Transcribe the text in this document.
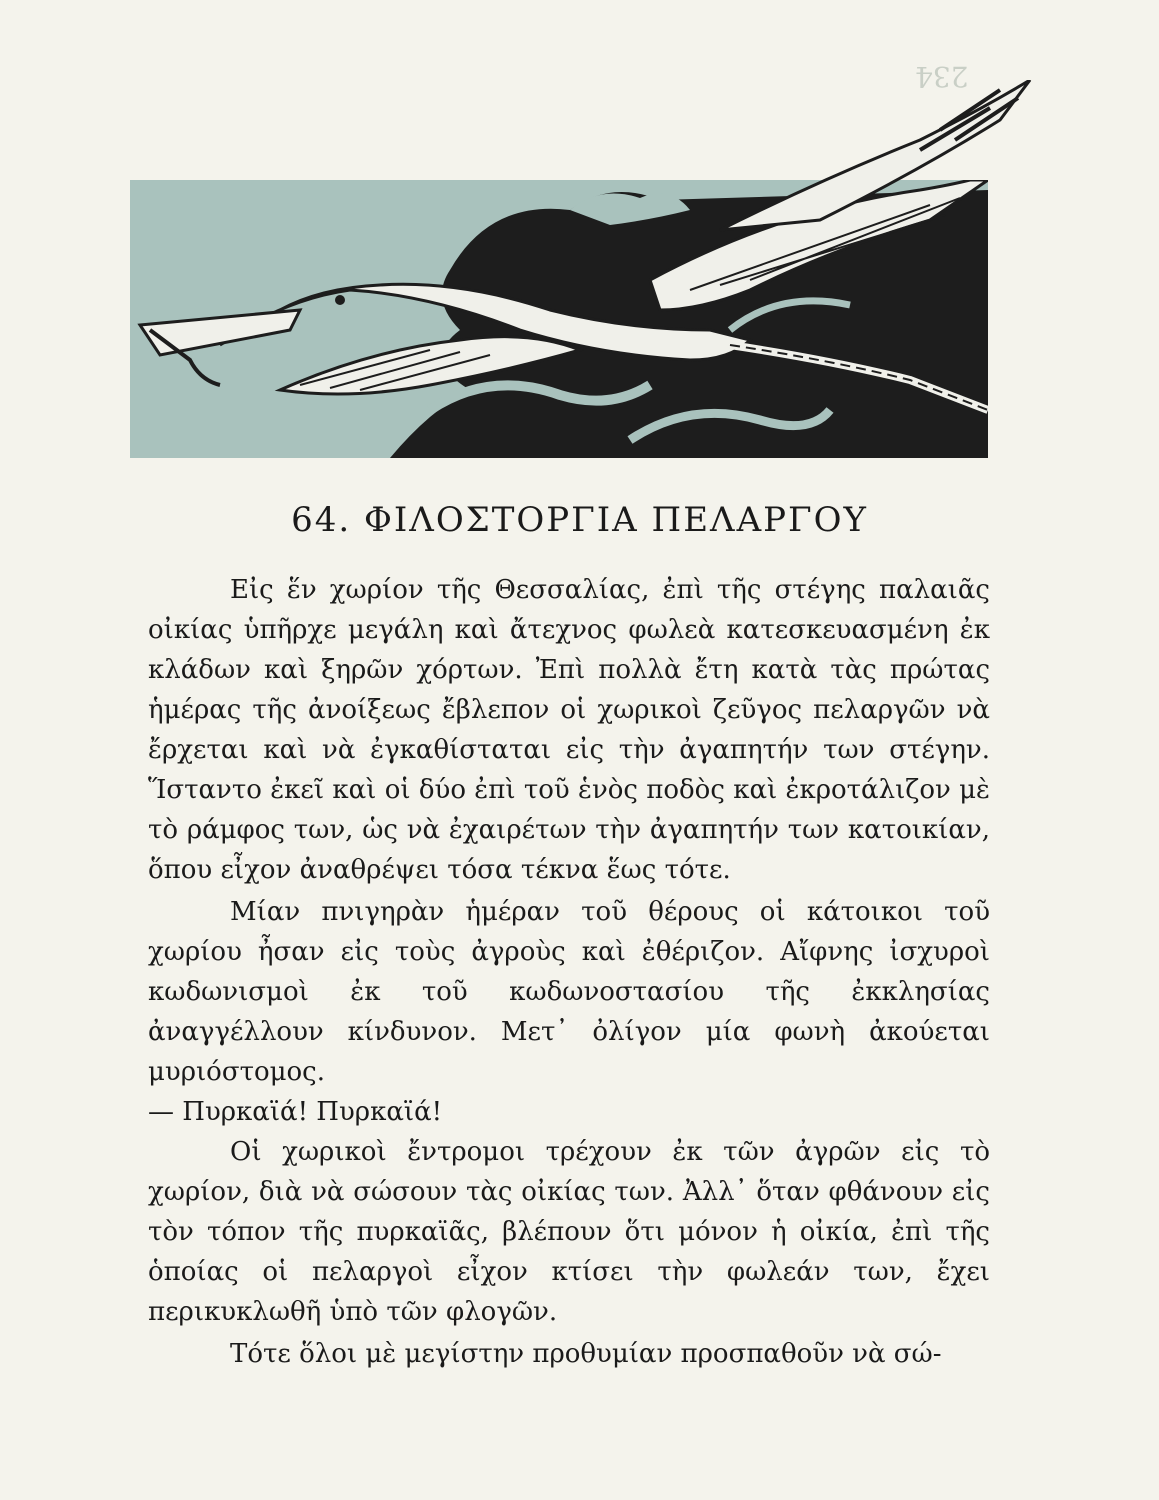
234
64. ΦΙΛΟΣΤΟΡΓΙΑ ΠΕΛΑΡΓΟΥ

Εἰς ἕν χωρίον τῆς Θεσσαλίας, ἐπὶ τῆς στέγης παλαιᾶς οἰκίας ὑπῆρχε μεγάλη καὶ ἄτεχνος φωλεὰ κατεσκευασμένη ἐκ κλάδων καὶ ξηρῶν χόρτων. Ἐπὶ πολλὰ ἔτη κατὰ τὰς πρώτας ἡμέρας τῆς ἀνοίξεως ἔβλεπον οἱ χωρικοὶ ζεῦγος πελαργῶν νὰ ἔρχεται καὶ νὰ ἐγκαθίσταται εἰς τὴν ἀγαπητήν των στέγην. Ἵσταντο ἐκεῖ καὶ οἱ δύο ἐπὶ τοῦ ἑνὸς ποδὸς καὶ ἐκροτάλιζον μὲ τὸ ράμφος των, ὡς νὰ ἐχαιρέτων τὴν ἀγαπητήν των κατοικίαν, ὅπου εἶχον ἀναθρέψει τόσα τέκνα ἕως τότε.

Μίαν πνιγηρὰν ἡμέραν τοῦ θέρους οἱ κάτοικοι τοῦ χωρίου ἦσαν εἰς τοὺς ἀγροὺς καὶ ἐθέριζον. Αἴφνης ἰσχυροὶ κωδωνισμοὶ ἐκ τοῦ κωδωνοστασίου τῆς ἐκκλησίας ἀναγγέλλουν κίνδυνον. Μετ᾽ ὀλίγον μία φωνὴ ἀκούεται μυριόστομος.

— Πυρκαϊά! Πυρκαϊά!

Οἱ χωρικοὶ ἔντρομοι τρέχουν ἐκ τῶν ἀγρῶν εἰς τὸ χωρίον, διὰ νὰ σώσουν τὰς οἰκίας των. Ἀλλ᾽ ὅταν φθάνουν εἰς τὸν τόπον τῆς πυρκαϊᾶς, βλέπουν ὅτι μόνον ἡ οἰκία, ἐπὶ τῆς ὁποίας οἱ πελαργοὶ εἶχον κτίσει τὴν φωλεάν των, ἔχει περικυκλωθῆ ὑπὸ τῶν φλογῶν.

Τότε ὅλοι μὲ μεγίστην προθυμίαν προσπαθοῦν νὰ σώ-
